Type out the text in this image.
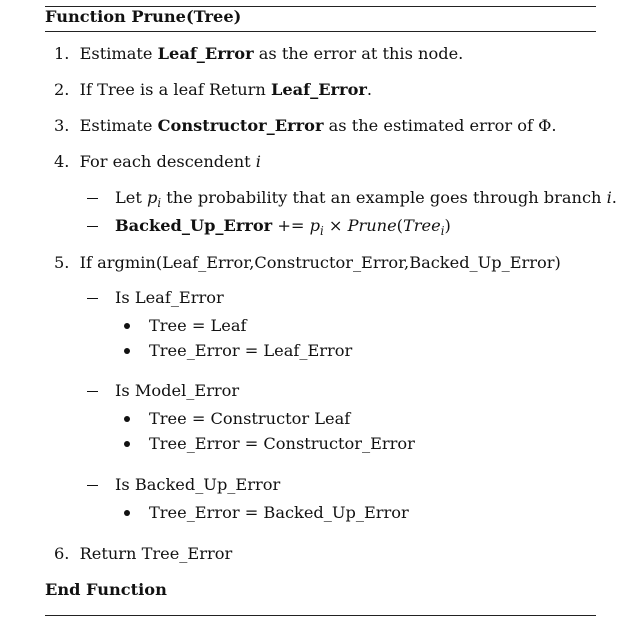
Function Prune(Tree)
1. Estimate Leaf_Error as the error at this node.
2. If Tree is a leaf Return Leaf_Error.
3. Estimate Constructor_Error as the estimated error of Φ.
4. For each descendent i
Let $p_i$ the probability that an example goes through branch i.
Backed_Up_Error += $p_i$ × Prune(Tree$_i$)
5. If argmin(Leaf_Error,Constructor_Error,Backed_Up_Error)
Is Leaf_Error
Tree = Leaf
Tree_Error = Leaf_Error
Is Model_Error
Tree = Constructor Leaf
Tree_Error = Constructor_Error
Is Backed_Up_Error
Tree_Error = Backed_Up_Error
6. Return Tree_Error
End Function
